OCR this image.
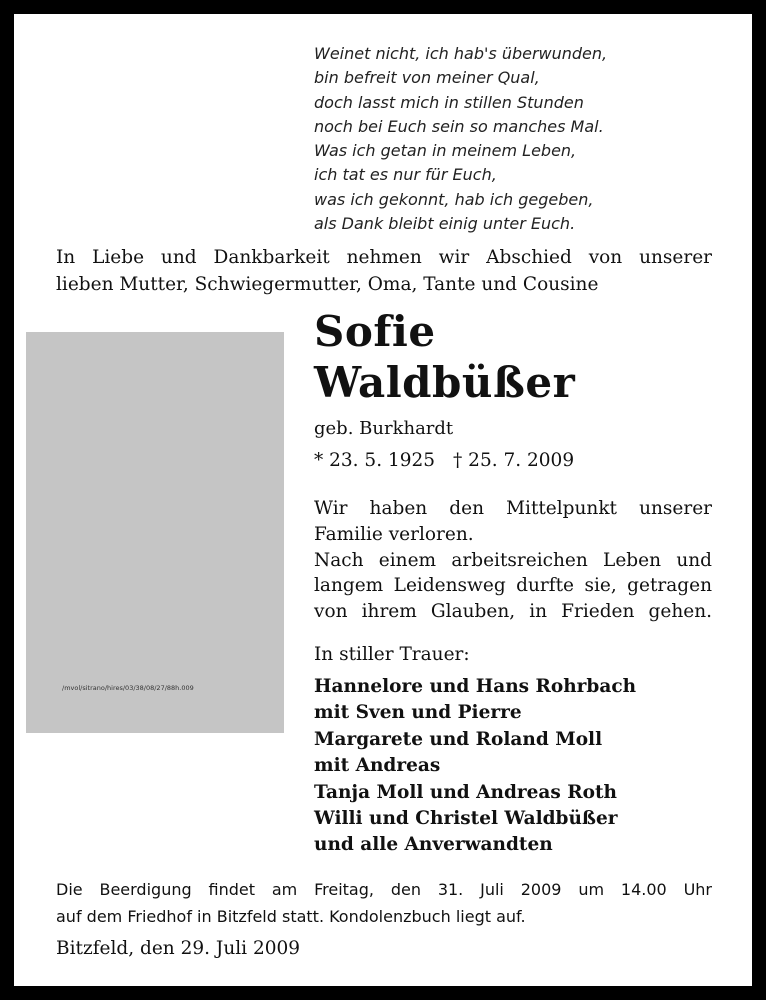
Weinet nicht, ich hab's überwunden,
bin befreit von meiner Qual,
doch lasst mich in stillen Stunden
noch bei Euch sein so manches Mal.
Was ich getan in meinem Leben,
ich tat es nur für Euch,
was ich gekonnt, hab ich gegeben,
als Dank bleibt einig unter Euch.
In Liebe und Dankbarkeit nehmen wir Abschied von unserer
lieben Mutter, Schwiegermutter, Oma, Tante und Cousine
/mvol/sitrano/hires/03/38/08/27/88h.009
Sofie
Waldbüßer
geb. Burkhardt
* 23. 5. 1925 † 25. 7. 2009
Wir haben den Mittelpunkt unserer
Familie verloren.
Nach einem arbeitsreichen Leben und
langem Leidensweg durfte sie, getragen
von ihrem Glauben, in Frieden gehen.
In stiller Trauer:
Hannelore und Hans Rohrbach
mit Sven und Pierre
Margarete und Roland Moll
mit Andreas
Tanja Moll und Andreas Roth
Willi und Christel Waldbüßer
und alle Anverwandten
Die Beerdigung findet am Freitag, den 31. Juli 2009 um 14.00 Uhr
auf dem Friedhof in Bitzfeld statt. Kondolenzbuch liegt auf.
Bitzfeld, den 29. Juli 2009
